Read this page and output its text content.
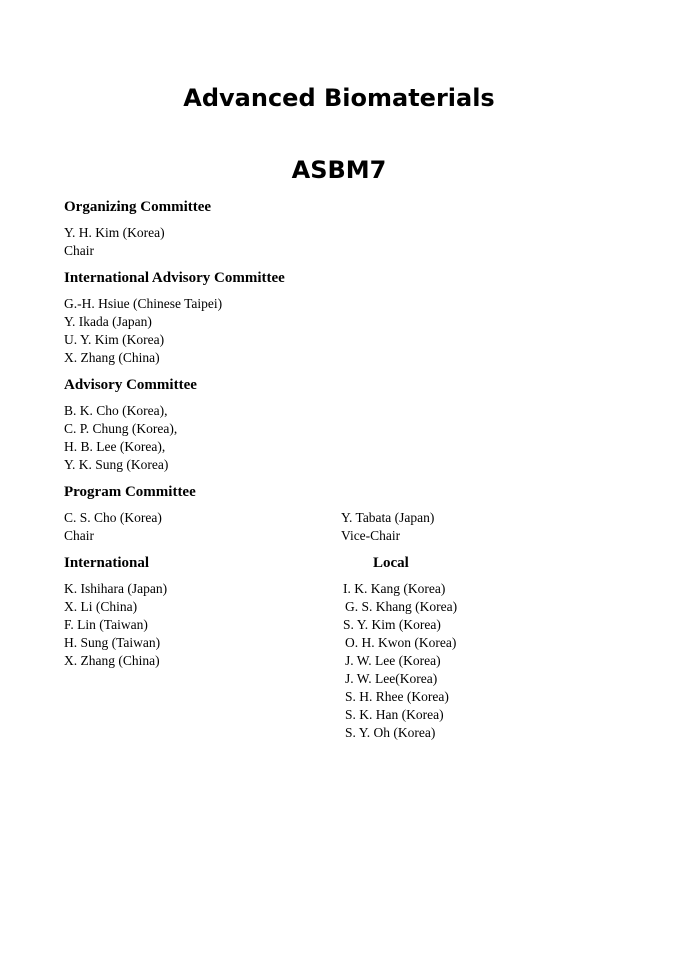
Advanced Biomaterials
ASBM7
Organizing Committee
Y. H. Kim (Korea)
Chair
International Advisory Committee
G.-H. Hsiue (Chinese Taipei)
Y. Ikada (Japan)
U. Y. Kim (Korea)
X. Zhang (China)
Advisory Committee
B. K. Cho (Korea),
C. P. Chung (Korea),
H. B. Lee (Korea),
Y. K. Sung (Korea)
Program Committee
C. S. Cho (Korea)
Chair
Y. Tabata (Japan)
Vice-Chair
International
K. Ishihara (Japan)
X. Li (China)
F. Lin (Taiwan)
H. Sung (Taiwan)
X. Zhang (China)
Local
I. K. Kang (Korea)
G. S. Khang (Korea)
S. Y. Kim (Korea)
O. H. Kwon (Korea)
J. W. Lee (Korea)
J. W. Lee(Korea)
S. H. Rhee (Korea)
S. K. Han (Korea)
S. Y. Oh (Korea)
